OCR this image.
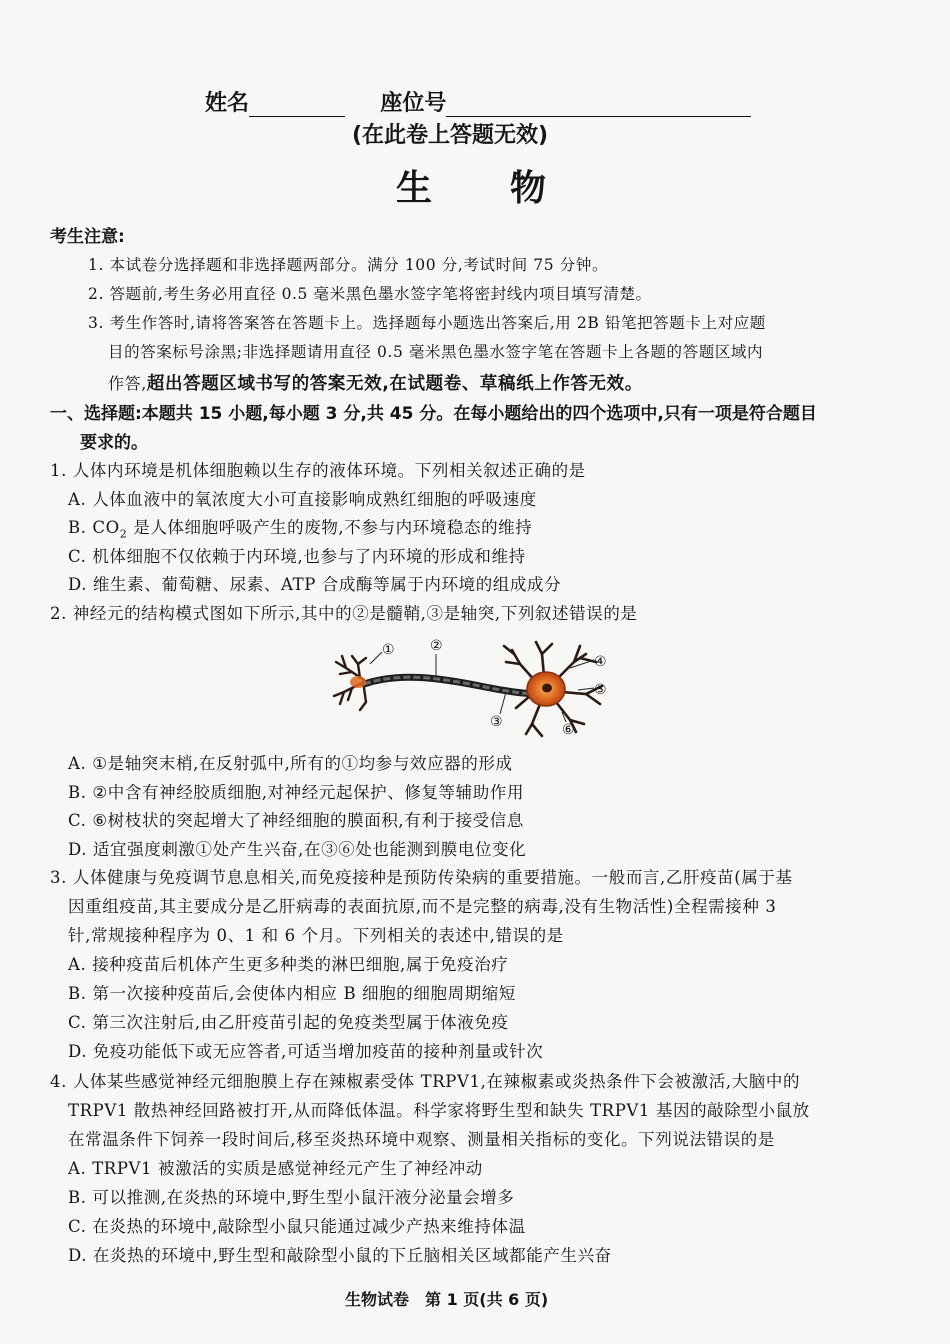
姓名	座位号
(在此卷上答题无效)
生　　物
考生注意:
1. 本试卷分选择题和非选择题两部分。满分 100 分,考试时间 75 分钟。
2. 答题前,考生务必用直径 0.5 毫米黑色墨水签字笔将密封线内项目填写清楚。
3. 考生作答时,请将答案答在答题卡上。选择题每小题选出答案后,用 2B 铅笔把答题卡上对应题
目的答案标号涂黑;非选择题请用直径 0.5 毫米黑色墨水签字笔在答题卡上各题的答题区域内
作答,超出答题区域书写的答案无效,在试题卷、草稿纸上作答无效。
一、选择题:本题共 15 小题,每小题 3 分,共 45 分。在每小题给出的四个选项中,只有一项是符合题目
要求的。
1. 人体内环境是机体细胞赖以生存的液体环境。下列相关叙述正确的是
A. 人体血液中的氧浓度大小可直接影响成熟红细胞的呼吸速度
B. $CO_2$ 是人体细胞呼吸产生的废物,不参与内环境稳态的维持
C. 机体细胞不仅依赖于内环境,也参与了内环境的形成和维持
D. 维生素、葡萄糖、尿素、ATP 合成酶等属于内环境的组成成分
2. 神经元的结构模式图如下所示,其中的②是髓鞘,③是轴突,下列叙述错误的是
①	②
③
④
⑤
⑥
A. ①是轴突末梢,在反射弧中,所有的①均参与效应器的形成
B. ②中含有神经胶质细胞,对神经元起保护、修复等辅助作用
C. ⑥树枝状的突起增大了神经细胞的膜面积,有利于接受信息
D. 适宜强度刺激①处产生兴奋,在③⑥处也能测到膜电位变化
3. 人体健康与免疫调节息息相关,而免疫接种是预防传染病的重要措施。一般而言,乙肝疫苗(属于基
因重组疫苗,其主要成分是乙肝病毒的表面抗原,而不是完整的病毒,没有生物活性)全程需接种 3
针,常规接种程序为 0、1 和 6 个月。下列相关的表述中,错误的是
A. 接种疫苗后机体产生更多种类的淋巴细胞,属于免疫治疗
B. 第一次接种疫苗后,会使体内相应 B 细胞的细胞周期缩短
C. 第三次注射后,由乙肝疫苗引起的免疫类型属于体液免疫
D. 免疫功能低下或无应答者,可适当增加疫苗的接种剂量或针次
4. 人体某些感觉神经元细胞膜上存在辣椒素受体 TRPV1,在辣椒素或炎热条件下会被激活,大脑中的
TRPV1 散热神经回路被打开,从而降低体温。科学家将野生型和缺失 TRPV1 基因的敲除型小鼠放
在常温条件下饲养一段时间后,移至炎热环境中观察、测量相关指标的变化。下列说法错误的是
A. TRPV1 被激活的实质是感觉神经元产生了神经冲动
B. 可以推测,在炎热的环境中,野生型小鼠汗液分泌量会增多
C. 在炎热的环境中,敲除型小鼠只能通过减少产热来维持体温
D. 在炎热的环境中,野生型和敲除型小鼠的下丘脑相关区域都能产生兴奋
生物试卷　第 1 页(共 6 页)
